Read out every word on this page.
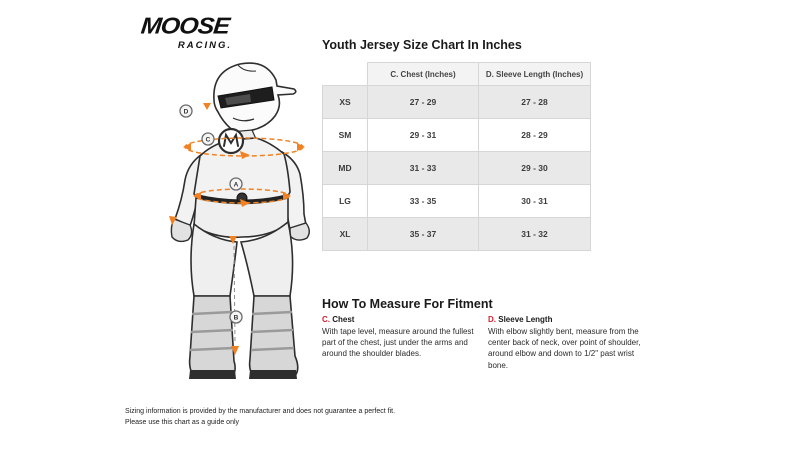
MOOSE
RACING.
D
C
A
B
Youth Jersey Size Chart In Inches
	C. Chest (Inches)	D. Sleeve Length (Inches)
XS	27 - 29	27 - 28
SM	29 - 31	28 - 29
MD	31 - 33	29 - 30
LG	33 - 35	30 - 31
XL	35 - 37	31 - 32
How To Measure For Fitment
C. Chest
With tape level, measure around the fullest part of the chest, just under the arms and around the shoulder blades.
D. Sleeve Length
With elbow slightly bent, measure from the center back of neck, over point of shoulder, around elbow and down to 1/2" past wrist bone.
Sizing information is provided by the manufacturer and does not guarantee a perfect fit.
Please use this chart as a guide only
